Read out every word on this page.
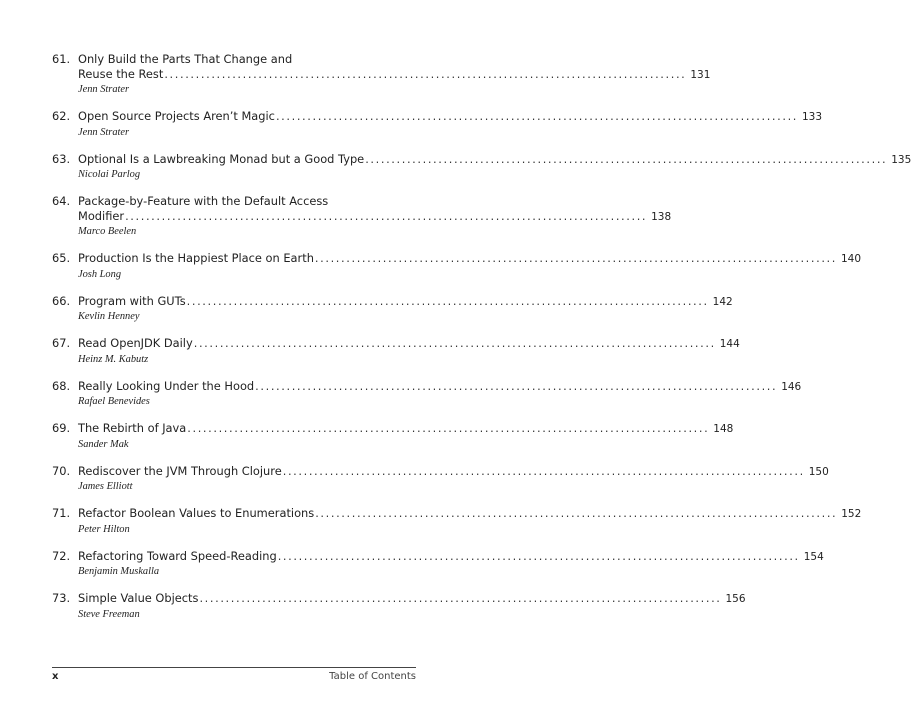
61. Only Build the Parts That Change and
Reuse the Rest .................................................................................................... 131
Jenn Strater
62. Open Source Projects Aren’t Magic .................................................................................................... 133
Jenn Strater
63. Optional Is a Lawbreaking Monad but a Good Type .................................................................................................... 135
Nicolai Parlog
64. Package-by-Feature with the Default Access
Modifier .................................................................................................... 138
Marco Beelen
65. Production Is the Happiest Place on Earth .................................................................................................... 140
Josh Long
66. Program with GUTs .................................................................................................... 142
Kevlin Henney
67. Read OpenJDK Daily .................................................................................................... 144
Heinz M. Kabutz
68. Really Looking Under the Hood .................................................................................................... 146
Rafael Benevides
69. The Rebirth of Java .................................................................................................... 148
Sander Mak
70. Rediscover the JVM Through Clojure .................................................................................................... 150
James Elliott
71. Refactor Boolean Values to Enumerations .................................................................................................... 152
Peter Hilton
72. Refactoring Toward Speed-Reading .................................................................................................... 154
Benjamin Muskalla
73. Simple Value Objects .................................................................................................... 156
Steve Freeman
x	Table of Contents
